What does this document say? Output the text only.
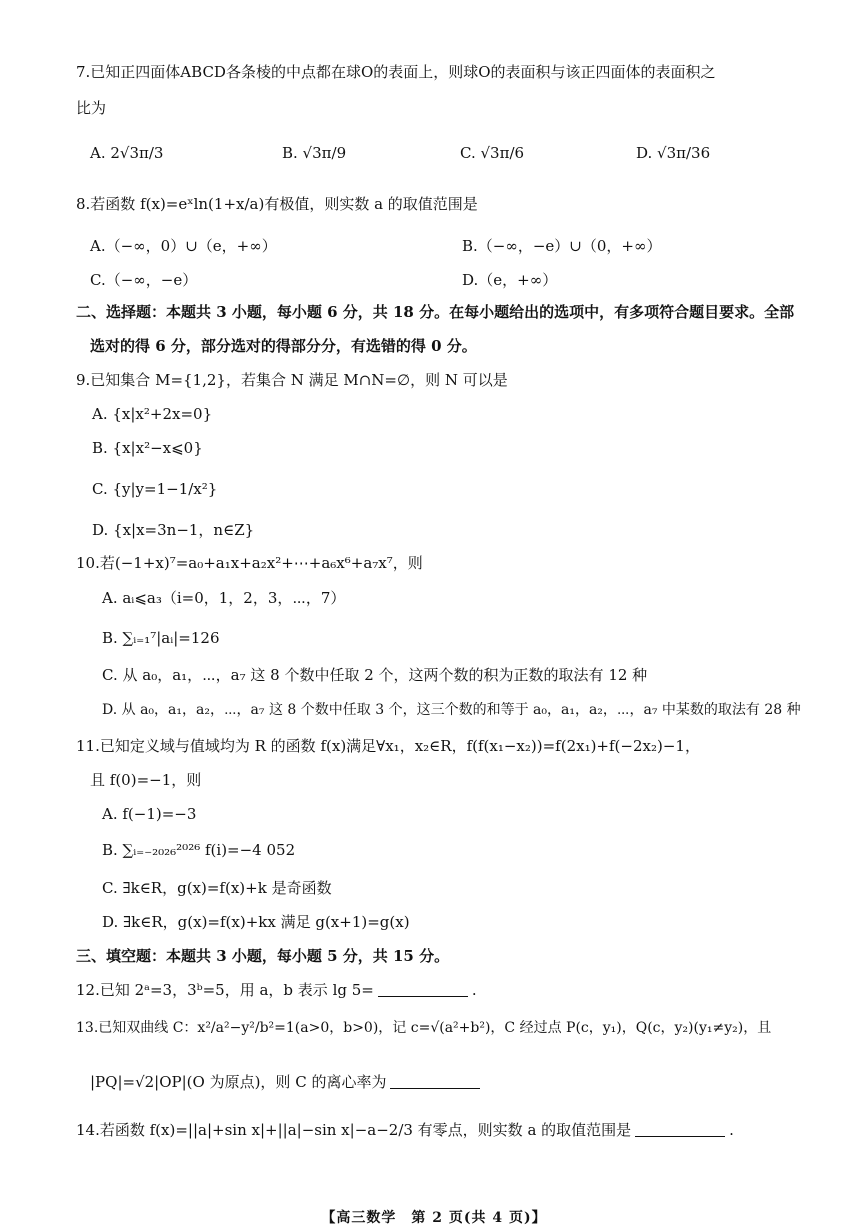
7.已知正四面体ABCD各条棱的中点都在球O的表面上，则球O的表面积与该正四面体的表面积之
比为
A. 2√3π/3	B. √3π/9	C. √3π/6	D. √3π/36
8.若函数 f(x)=eˣln(1+x/a)有极值，则实数 a 的取值范围是
A.（−∞，0）∪（e，+∞）	B.（−∞，−e）∪（0，+∞）
C.（−∞，−e）	D.（e，+∞）
二、选择题：本题共 3 小题，每小题 6 分，共 18 分。在每小题给出的选项中，有多项符合题目要求。全部
选对的得 6 分，部分选对的得部分分，有选错的得 0 分。
9.已知集合 M={1,2}，若集合 N 满足 M∩N=∅，则 N 可以是
A. {x|x²+2x=0}
B. {x|x²−x⩽0}
C. {y|y=1−1/x²}
D. {x|x=3n−1，n∈Z}
10.若(−1+x)⁷=a₀+a₁x+a₂x²+⋯+a₆x⁶+a₇x⁷，则
A. aᵢ⩽a₃（i=0，1，2，3，⋯，7）
B. ∑ᵢ₌₁⁷|aᵢ|=126
C. 从 a₀，a₁，⋯，a₇ 这 8 个数中任取 2 个，这两个数的积为正数的取法有 12 种
D. 从 a₀，a₁，a₂，⋯，a₇ 这 8 个数中任取 3 个，这三个数的和等于 a₀，a₁，a₂，⋯，a₇ 中某数的取法有 28 种
11.已知定义域与值域均为 R 的函数 f(x)满足∀x₁，x₂∈R，f(f(x₁−x₂))=f(2x₁)+f(−2x₂)−1，
且 f(0)=−1，则
A. f(−1)=−3
B. ∑ᵢ₌₋₂₀₂₆²⁰²⁶ f(i)=−4 052
C. ∃k∈R，g(x)=f(x)+k 是奇函数
D. ∃k∈R，g(x)=f(x)+kx 满足 g(x+1)=g(x)
三、填空题：本题共 3 小题，每小题 5 分，共 15 分。
12.已知 2ᵃ=3，3ᵇ=5，用 a，b 表示 lg 5=	.
13.已知双曲线 C：x²/a²−y²/b²=1(a>0，b>0)，记 c=√(a²+b²)，C 经过点 P(c，y₁)，Q(c，y₂)(y₁≠y₂)，且
|PQ|=√2|OP|(O 为原点)，则 C 的离心率为
14.若函数 f(x)=||a|+sin x|+||a|−sin x|−a−2/3 有零点，则实数 a 的取值范围是	.
【高三数学　第 2 页(共 4 页)】
